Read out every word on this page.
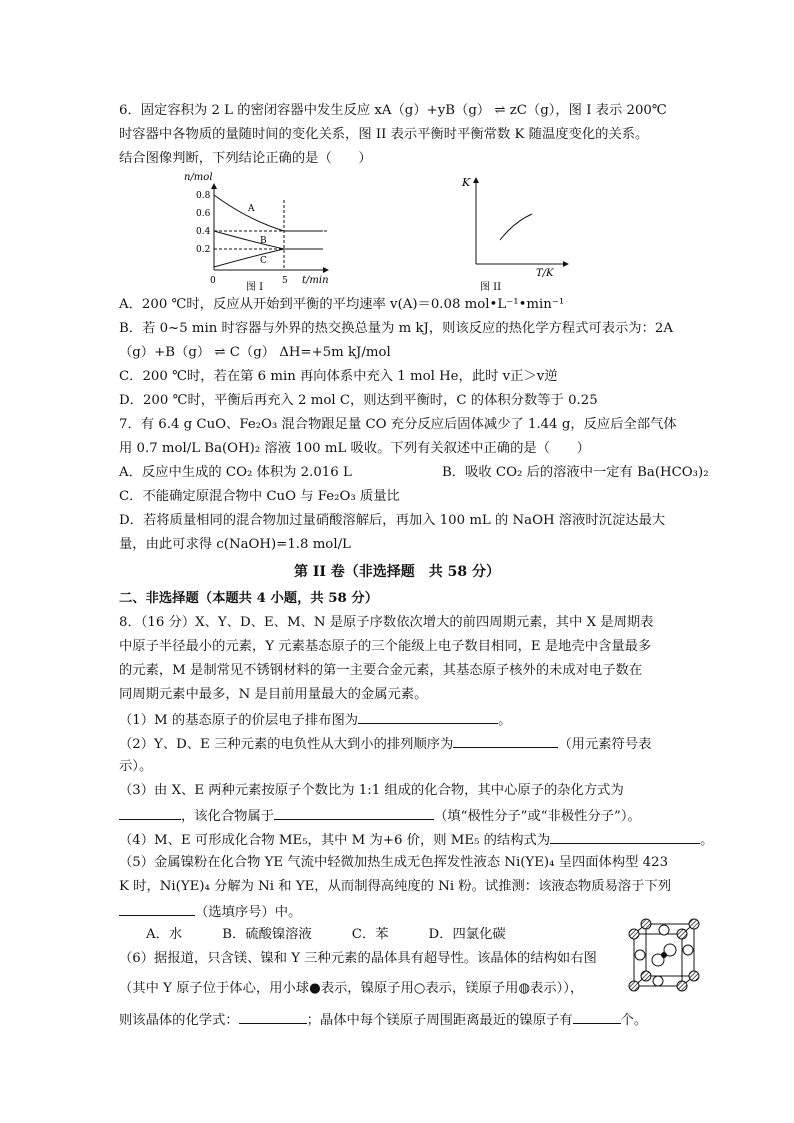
6．固定容积为 2 L 的密闭容器中发生反应 xA（g）+yB（g） ⇌ zC（g），图 I 表示 200℃
时容器中各物质的量随时间的变化关系，图 II 表示平衡时平衡常数 K 随温度变化的关系。
结合图像判断，下列结论正确的是（　　）
n/mol
0.8
0.6
0.4
0.2
0	5 t/min
A
B
C
图 I
K
T/K
图 II
A．200 ℃时，反应从开始到平衡的平均速率 v(A)＝0.08 mol•L⁻¹•min⁻¹
B．若 0~5 min 时容器与外界的热交换总量为 m kJ，则该反应的热化学方程式可表示为：2A
（g）+B（g） ⇌ C（g） ΔH=+5m kJ/mol
C．200 ℃时，若在第 6 min 再向体系中充入 1 mol He，此时 v正＞v逆
D．200 ℃时，平衡后再充入 2 mol C，则达到平衡时，C 的体积分数等于 0.25
7．有 6.4 g CuO、Fe₂O₃ 混合物跟足量 CO 充分反应后固体减少了 1.44 g，反应后全部气体
用 0.7 mol/L Ba(OH)₂ 溶液 100 mL 吸收。下列有关叙述中正确的是（　　）
A．反应中生成的 CO₂ 体积为 2.016 L	B．吸收 CO₂ 后的溶液中一定有 Ba(HCO₃)₂
C．不能确定原混合物中 CuO 与 Fe₂O₃ 质量比
D．若将质量相同的混合物加过量硝酸溶解后，再加入 100 mL 的 NaOH 溶液时沉淀达最大
量，由此可求得 c(NaOH)=1.8 mol/L
第 II 卷（非选择题　共 58 分）
二、非选择题（本题共 4 小题，共 58 分）
8．（16 分）X、Y、D、E、M、N 是原子序数依次增大的前四周期元素，其中 X 是周期表
中原子半径最小的元素，Y 元素基态原子的三个能级上电子数目相同，E 是地壳中含量最多
的元素，M 是制常见不锈钢材料的第一主要合金元素，其基态原子核外的未成对电子数在
同周期元素中最多，N 是目前用量最大的金属元素。
（1）M 的基态原子的价层电子排布图为	。
（2）Y、D、E 三种元素的电负性从大到小的排列顺序为	（用元素符号表
示）。
（3）由 X、E 两种元素按原子个数比为 1:1 组成的化合物，其中心原子的杂化方式为
，该化合物属于	（填“极性分子”或“非极性分子”）。
（4）M、E 可形成化合物 ME₅，其中 M 为+6 价，则 ME₅ 的结构式为	。
（5）金属镍粉在化合物 YE 气流中轻微加热生成无色挥发性液态 Ni(YE)₄ 呈四面体构型 423
K 时，Ni(YE)₄ 分解为 Ni 和 YE，从而制得高纯度的 Ni 粉。试推测：该液态物质易溶于下列
（选填序号）中。
A．水	B．硫酸镍溶液	C．苯	D．四氯化碳
（6）据报道，只含镁、镍和 Y 三种元素的晶体具有超导性。该晶体的结构如右图
（其中 Y 原子位于体心，用小球●表示，镍原子用○表示，镁原子用◍表示）），
则该晶体的化学式：	；晶体中每个镁原子周围距离最近的镍原子有	个。
